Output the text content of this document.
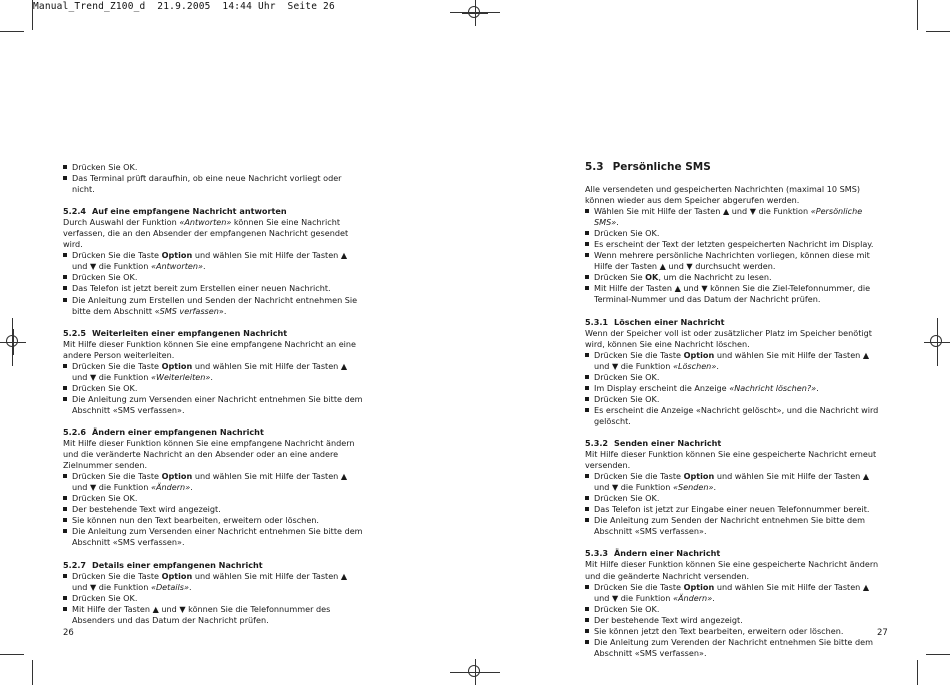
Manual_Trend_Z100_d  21.9.2005  14:44 Uhr  Seite 26
Drücken Sie OK.
Das Terminal prüft daraufhin, ob eine neue Nachricht vorliegt oder nicht.
5.2.4 Auf eine empfangene Nachricht antworten

Durch Auswahl der Funktion «Antworten» können Sie eine Nachricht verfassen, die an den Absender der empfangenen Nachricht gesendet wird.

Drücken Sie die Taste Option und wählen Sie mit Hilfe der Tasten ▲ und ▼ die Funktion «Antworten».
Drücken Sie OK.
Das Telefon ist jetzt bereit zum Erstellen einer neuen Nachricht.
Die Anleitung zum Erstellen und Senden der Nachricht entnehmen Sie bitte dem Abschnitt «SMS verfassen».
5.2.5 Weiterleiten einer empfangenen Nachricht

Mit Hilfe dieser Funktion können Sie eine empfangene Nachricht an eine andere Person weiterleiten.

Drücken Sie die Taste Option und wählen Sie mit Hilfe der Tasten ▲ und ▼ die Funktion «Weiterleiten».
Drücken Sie OK.
Die Anleitung zum Versenden einer Nachricht entnehmen Sie bitte dem Abschnitt «SMS verfassen».
5.2.6 Ändern einer empfangenen Nachricht

Mit Hilfe dieser Funktion können Sie eine empfangene Nachricht ändern und die veränderte Nachricht an den Absender oder an eine andere Zielnummer senden.

Drücken Sie die Taste Option und wählen Sie mit Hilfe der Tasten ▲ und ▼ die Funktion «Ändern».
Drücken Sie OK.
Der bestehende Text wird angezeigt.
Sie können nun den Text bearbeiten, erweitern oder löschen.
Die Anleitung zum Versenden einer Nachricht entnehmen Sie bitte dem Abschnitt «SMS verfassen».
5.2.7 Details einer empfangenen Nachricht
Drücken Sie die Taste Option und wählen Sie mit Hilfe der Tasten ▲ und ▼ die Funktion «Details».
Drücken Sie OK.
Mit Hilfe der Tasten ▲ und ▼ können Sie die Telefonnummer des Absenders und das Datum der Nachricht prüfen.
26
5.3 Persönliche SMS

Alle versendeten und gespeicherten Nachrichten (maximal 10 SMS) können wieder aus dem Speicher abgerufen werden.

Wählen Sie mit Hilfe der Tasten ▲ und ▼ die Funktion «Persönliche SMS».
Drücken Sie OK.
Es erscheint der Text der letzten gespeicherten Nachricht im Display.
Wenn mehrere persönliche Nachrichten vorliegen, können diese mit Hilfe der Tasten ▲ und ▼ durchsucht werden.
Drücken Sie OK, um die Nachricht zu lesen.
Mit Hilfe der Tasten ▲ und ▼ können Sie die Ziel-Telefonnummer, die Terminal-Nummer und das Datum der Nachricht prüfen.
5.3.1 Löschen einer Nachricht

Wenn der Speicher voll ist oder zusätzlicher Platz im Speicher benötigt wird, können Sie eine Nachricht löschen.

Drücken Sie die Taste Option und wählen Sie mit Hilfe der Tasten ▲ und ▼ die Funktion «Löschen».
Drücken Sie OK.
Im Display erscheint die Anzeige «Nachricht löschen?».
Drücken Sie OK.
Es erscheint die Anzeige «Nachricht gelöscht», und die Nachricht wird gelöscht.
5.3.2 Senden einer Nachricht

Mit Hilfe dieser Funktion können Sie eine gespeicherte Nachricht erneut versenden.

Drücken Sie die Taste Option und wählen Sie mit Hilfe der Tasten ▲ und ▼ die Funktion «Senden».
Drücken Sie OK.
Das Telefon ist jetzt zur Eingabe einer neuen Telefonnummer bereit.
Die Anleitung zum Senden der Nachricht entnehmen Sie bitte dem Abschnitt «SMS verfassen».
5.3.3 Ändern einer Nachricht

Mit Hilfe dieser Funktion können Sie eine gespeicherte Nachricht ändern und die geänderte Nachricht versenden.

Drücken Sie die Taste Option und wählen Sie mit Hilfe der Tasten ▲ und ▼ die Funktion «Ändern».
Drücken Sie OK.
Der bestehende Text wird angezeigt.
Sie können jetzt den Text bearbeiten, erweitern oder löschen.
Die Anleitung zum Verenden der Nachricht entnehmen Sie bitte dem Abschnitt «SMS verfassen».
27
